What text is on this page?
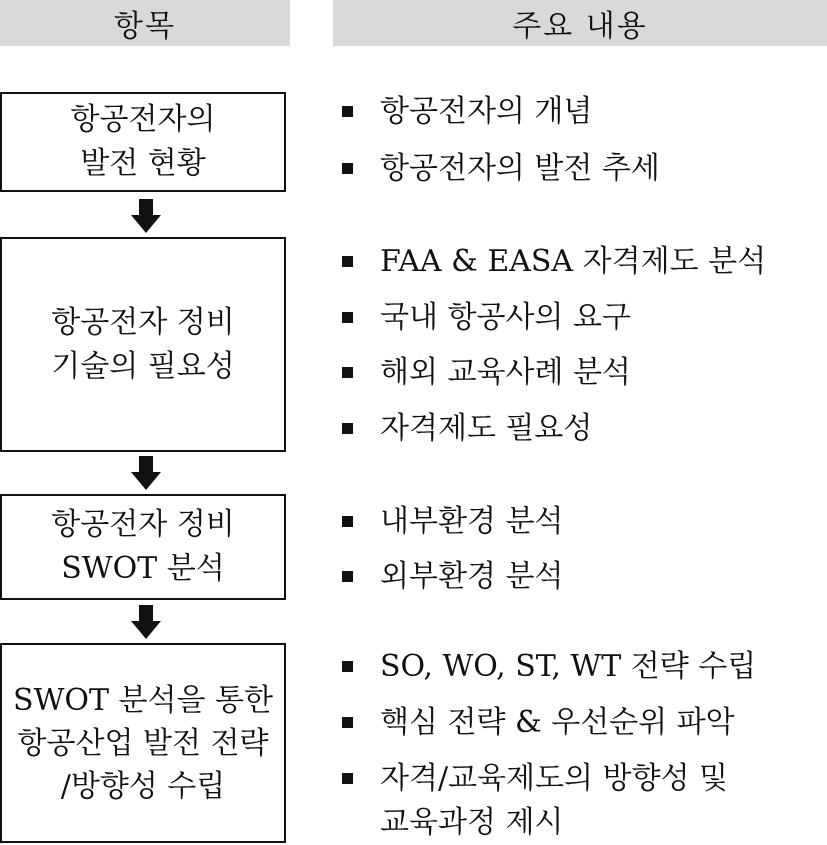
항목	주요 내용
항공전자의
발전 현황
항공전자 정비
기술의 필요성
항공전자 정비
SWOT 분석
SWOT 분석을 통한
항공산업 발전 전략
/방향성 수립
항공전자의 개념
항공전자의 발전 추세
FAA & EASA 자격제도 분석
국내 항공사의 요구
해외 교육사례 분석
자격제도 필요성
내부환경 분석
외부환경 분석
SO, WO, ST, WT 전략 수립
핵심 전략 & 우선순위 파악
자격/교육제도의 방향성 및
교육과정 제시
